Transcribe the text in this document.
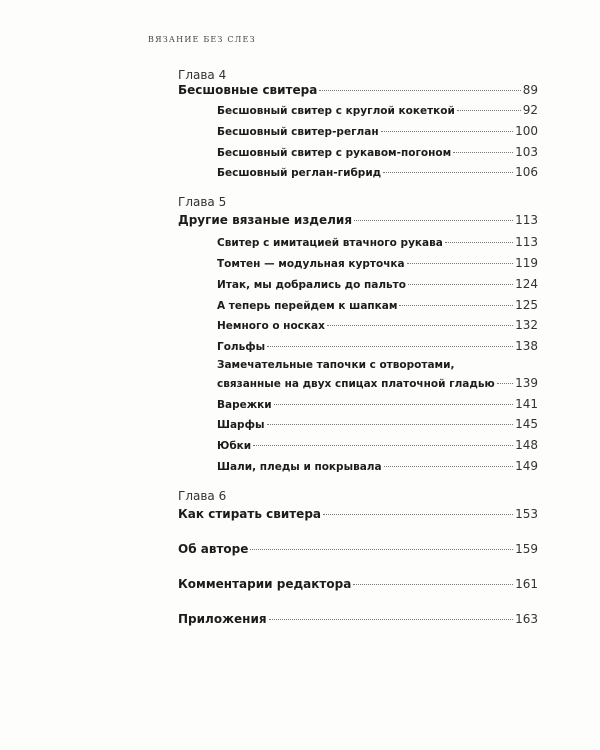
ВЯЗАНИЕ БЕЗ СЛЕЗ
Глава 4
Бесшовные свитера	89
Бесшовный свитер с круглой кокеткой	92
Бесшовный свитер-реглан	100
Бесшовный свитер с рукавом-погоном	103
Бесшовный реглан-гибрид	106
Глава 5
Другие вязаные изделия	113
Свитер с имитацией втачного рукава	113
Томтен — модульная курточка	119
Итак, мы добрались до пальто	124
А теперь перейдем к шапкам	125
Немного о носках	132
Гольфы	138
Замечательные тапочки с отворотами,
связанные на двух спицах платочной гладью 139
Варежки	141
Шарфы	145
Юбки	148
Шали, пледы и покрывала	149
Глава 6
Как стирать свитера	153
Об авторе	159
Комментарии редактора	161
Приложения	163
